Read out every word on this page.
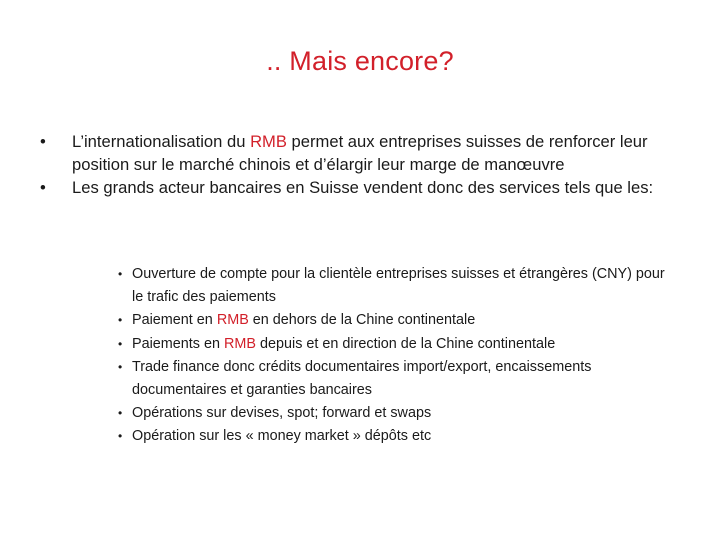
.. Mais encore?
• L’internationalisation du RMB permet aux entreprises suisses de renforcer leur position sur le marché chinois et d’élargir leur marge de manœuvre
• Les grands acteur bancaires en Suisse vendent donc des services tels que les:
• Ouverture de compte pour la clientèle entreprises suisses et étrangères (CNY) pour le trafic des paiements
• Paiement en RMB en dehors de la Chine continentale
• Paiements en RMB depuis et en direction de la Chine continentale
• Trade finance donc crédits documentaires import/export, encaissements documentaires et garanties bancaires
• Opérations sur devises, spot; forward et swaps
• Opération sur les « money market » dépôts etc
